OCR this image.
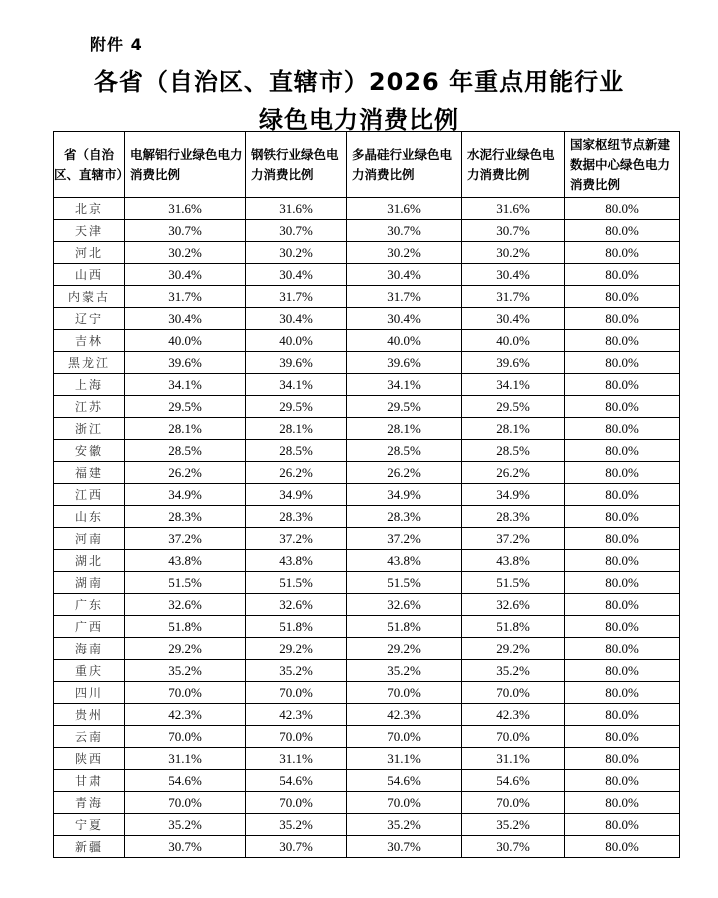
附件 4
各省（自治区、直辖市）2026 年重点用能行业
绿色电力消费比例
省（自治区、直辖市）	电解铝行业绿色电力消费比例	钢铁行业绿色电力消费比例	多晶硅行业绿色电力消费比例	水泥行业绿色电力消费比例	国家枢纽节点新建数据中心绿色电力消费比例
北京	31.6%	31.6%	31.6%	31.6%	80.0%
天津	30.7%	30.7%	30.7%	30.7%	80.0%
河北	30.2%	30.2%	30.2%	30.2%	80.0%
山西	30.4%	30.4%	30.4%	30.4%	80.0%
内蒙古	31.7%	31.7%	31.7%	31.7%	80.0%
辽宁	30.4%	30.4%	30.4%	30.4%	80.0%
吉林	40.0%	40.0%	40.0%	40.0%	80.0%
黑龙江	39.6%	39.6%	39.6%	39.6%	80.0%
上海	34.1%	34.1%	34.1%	34.1%	80.0%
江苏	29.5%	29.5%	29.5%	29.5%	80.0%
浙江	28.1%	28.1%	28.1%	28.1%	80.0%
安徽	28.5%	28.5%	28.5%	28.5%	80.0%
福建	26.2%	26.2%	26.2%	26.2%	80.0%
江西	34.9%	34.9%	34.9%	34.9%	80.0%
山东	28.3%	28.3%	28.3%	28.3%	80.0%
河南	37.2%	37.2%	37.2%	37.2%	80.0%
湖北	43.8%	43.8%	43.8%	43.8%	80.0%
湖南	51.5%	51.5%	51.5%	51.5%	80.0%
广东	32.6%	32.6%	32.6%	32.6%	80.0%
广西	51.8%	51.8%	51.8%	51.8%	80.0%
海南	29.2%	29.2%	29.2%	29.2%	80.0%
重庆	35.2%	35.2%	35.2%	35.2%	80.0%
四川	70.0%	70.0%	70.0%	70.0%	80.0%
贵州	42.3%	42.3%	42.3%	42.3%	80.0%
云南	70.0%	70.0%	70.0%	70.0%	80.0%
陕西	31.1%	31.1%	31.1%	31.1%	80.0%
甘肃	54.6%	54.6%	54.6%	54.6%	80.0%
青海	70.0%	70.0%	70.0%	70.0%	80.0%
宁夏	35.2%	35.2%	35.2%	35.2%	80.0%
新疆	30.7%	30.7%	30.7%	30.7%	80.0%
